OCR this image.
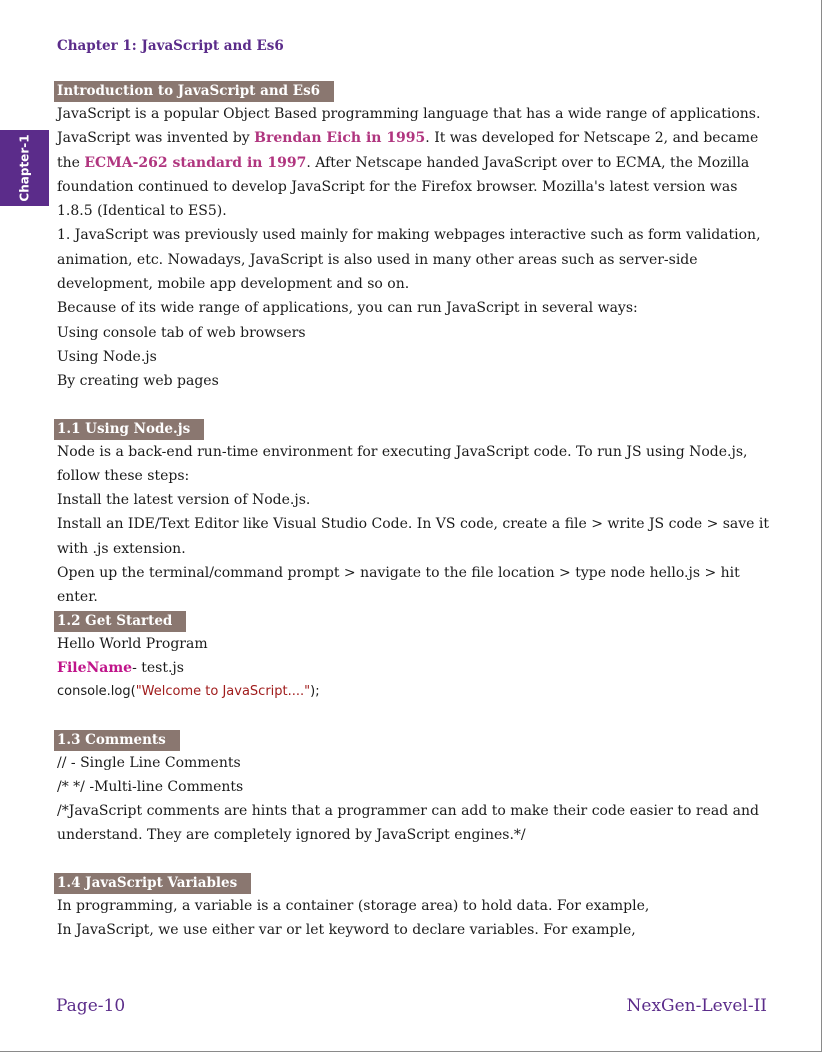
Chapter-1

Chapter 1: JavaScript and Es6

Introduction to JavaScript and Es6

JavaScript is a popular Object Based programming language that has a wide range of applications.

JavaScript was invented by Brendan Eich in 1995. It was developed for Netscape 2, and became the ECMA-262 standard in 1997. After Netscape handed JavaScript over to ECMA, the Mozilla foundation continued to develop JavaScript for the Firefox browser. Mozilla's latest version was 1.8.5 (Identical to ES5).

1. JavaScript was previously used mainly for making webpages interactive such as form validation, animation, etc. Nowadays, JavaScript is also used in many other areas such as server-side development, mobile app development and so on.

Because of its wide range of applications, you can run JavaScript in several ways:

Using console tab of web browsers

Using Node.js

By creating web pages

1.1 Using Node.js

Node is a back-end run-time environment for executing JavaScript code. To run JS using Node.js, follow these steps:

Install the latest version of Node.js.

Install an IDE/Text Editor like Visual Studio Code. In VS code, create a file > write JS code > save it with .js extension.

Open up the terminal/command prompt > navigate to the file location > type node hello.js > hit enter.

1.2 Get Started

Hello World Program

FileName- test.js

console.log("Welcome to JavaScript....");

1.3 Comments

// - Single Line Comments

/* */ -Multi-line Comments

/*JavaScript comments are hints that a programmer can add to make their code easier to read and understand. They are completely ignored by JavaScript engines.*/

1.4 JavaScript Variables

In programming, a variable is a container (storage area) to hold data. For example,

In JavaScript, we use either var or let keyword to declare variables. For example,

Page-10	NexGen-Level-II
